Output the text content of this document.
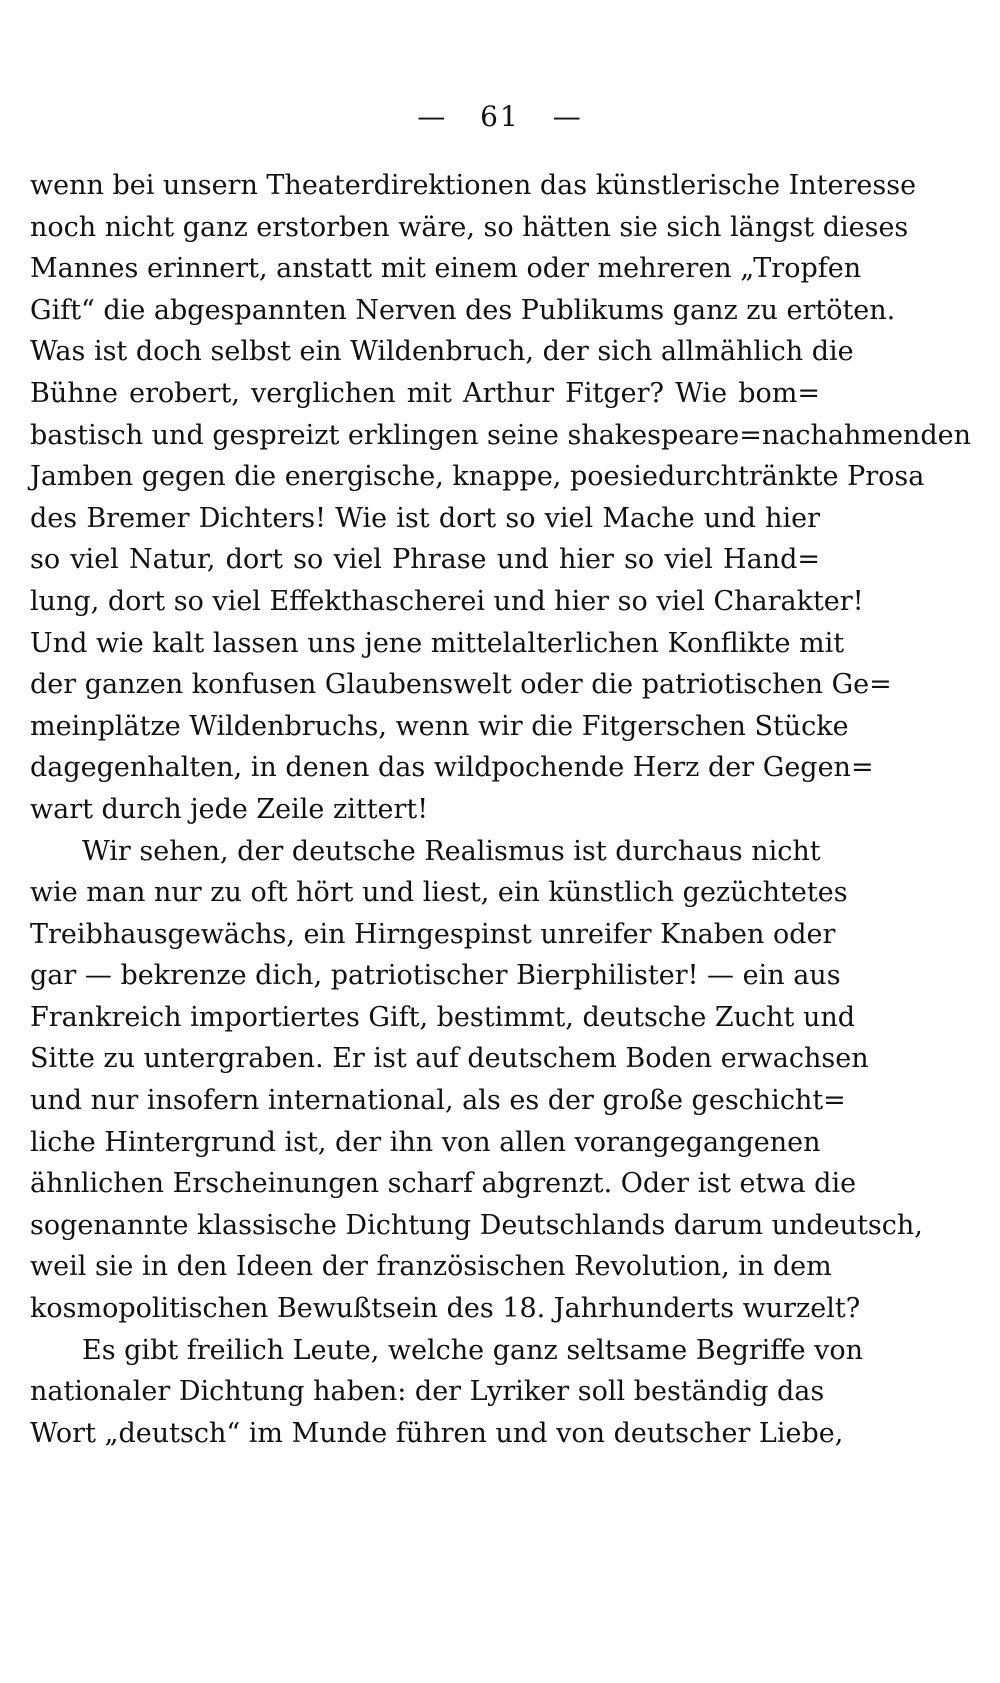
— 61 —
wenn bei unsern Theaterdirektionen das künstlerische Interesse
noch nicht ganz erstorben wäre, so hätten sie sich längst dieses
Mannes erinnert, anstatt mit einem oder mehreren „Tropfen
Gift“ die abgespannten Nerven des Publikums ganz zu ertöten.
Was ist doch selbst ein Wildenbruch, der sich allmählich die
Bühne erobert, verglichen mit Arthur Fitger? Wie bom=
bastisch und gespreizt erklingen seine shakespeare=nachahmenden
Jamben gegen die energische, knappe, poesiedurchtränkte Prosa
des Bremer Dichters! Wie ist dort so viel Mache und hier
so viel Natur, dort so viel Phrase und hier so viel Hand=
lung, dort so viel Effekthascherei und hier so viel Charakter!
Und wie kalt lassen uns jene mittelalterlichen Konflikte mit
der ganzen konfusen Glaubenswelt oder die patriotischen Ge=
meinplätze Wildenbruchs, wenn wir die Fitgerschen Stücke
dagegenhalten, in denen das wildpochende Herz der Gegen=
wart durch jede Zeile zittert!
Wir sehen, der deutsche Realismus ist durchaus nicht
wie man nur zu oft hört und liest, ein künstlich gezüchtetes
Treibhausgewächs, ein Hirngespinst unreifer Knaben oder
gar — bekrenze dich, patriotischer Bierphilister! — ein aus
Frankreich importiertes Gift, bestimmt, deutsche Zucht und
Sitte zu untergraben. Er ist auf deutschem Boden erwachsen
und nur insofern international, als es der große geschicht=
liche Hintergrund ist, der ihn von allen vorangegangenen
ähnlichen Erscheinungen scharf abgrenzt. Oder ist etwa die
sogenannte klassische Dichtung Deutschlands darum undeutsch,
weil sie in den Ideen der französischen Revolution, in dem
kosmopolitischen Bewußtsein des 18. Jahrhunderts wurzelt?
Es gibt freilich Leute, welche ganz seltsame Begriffe von
nationaler Dichtung haben: der Lyriker soll beständig das
Wort „deutsch“ im Munde führen und von deutscher Liebe,
